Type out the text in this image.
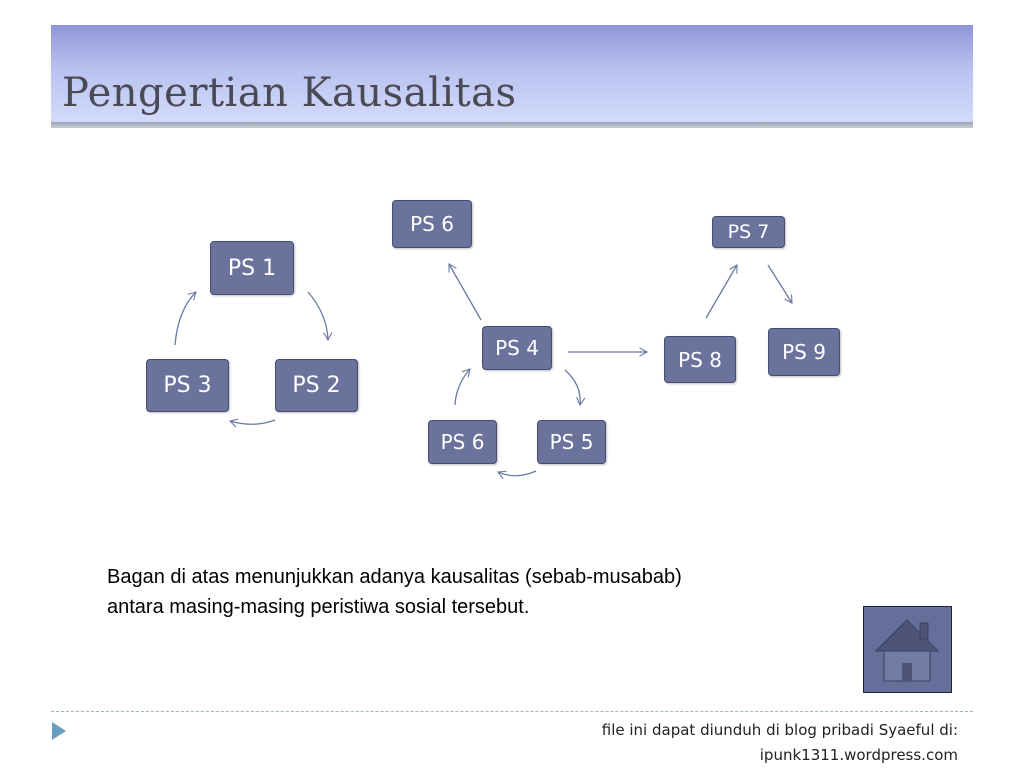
Pengertian Kausalitas
PS 1
PS 2
PS 3
PS 4
PS 5
PS 6
PS 6	PS 7
PS 8	PS 9
Bagan di atas menunjukkan adanya kausalitas (sebab-musabab)
antara masing-masing peristiwa sosial tersebut.
file ini dapat diunduh di blog pribadi Syaeful di:
ipunk1311.wordpress.com
